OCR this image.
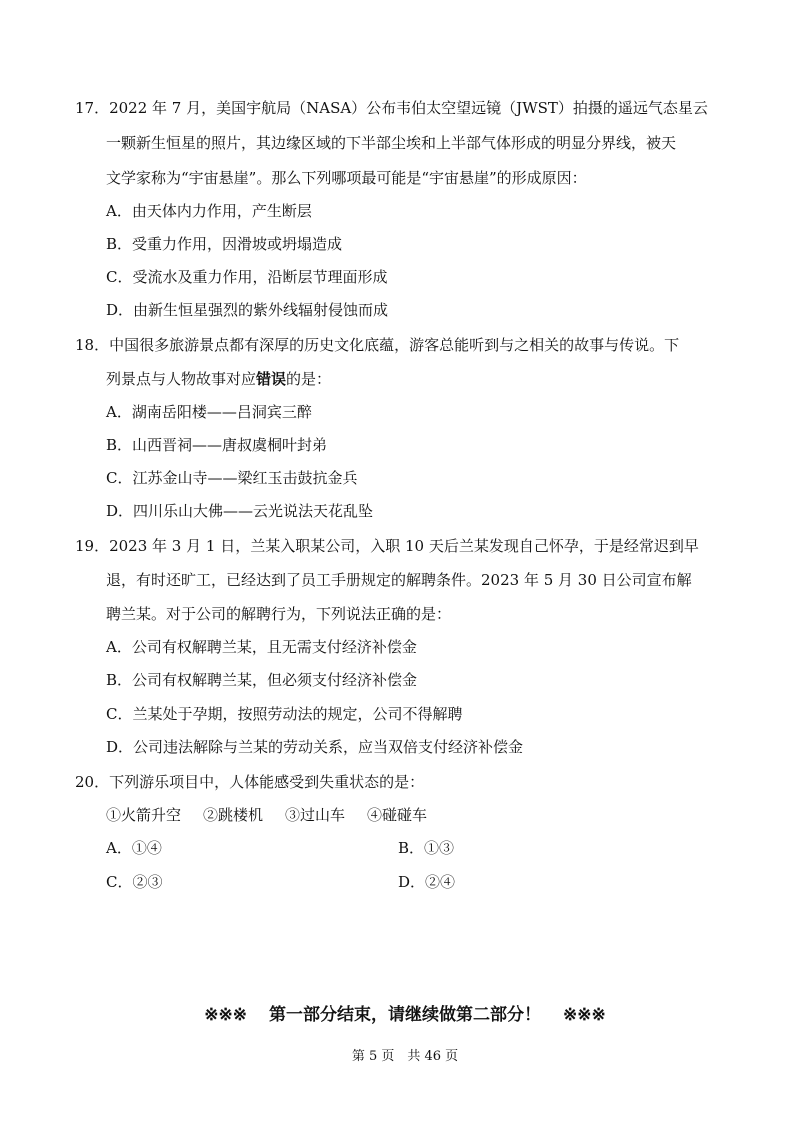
17．2022 年 7 月，美国宇航局（NASA）公布韦伯太空望远镜（JWST）拍摄的遥远气态星云
一颗新生恒星的照片，其边缘区域的下半部尘埃和上半部气体形成的明显分界线，被天
文学家称为“宇宙悬崖”。那么下列哪项最可能是“宇宙悬崖”的形成原因：
A．由天体内力作用，产生断层
B．受重力作用，因滑坡或坍塌造成
C．受流水及重力作用，沿断层节理面形成
D．由新生恒星强烈的紫外线辐射侵蚀而成
18．中国很多旅游景点都有深厚的历史文化底蕴，游客总能听到与之相关的故事与传说。下
列景点与人物故事对应错误的是：
A．湖南岳阳楼——吕洞宾三醉
B．山西晋祠——唐叔虞桐叶封弟
C．江苏金山寺——梁红玉击鼓抗金兵
D．四川乐山大佛——云光说法天花乱坠
19．2023 年 3 月 1 日，兰某入职某公司，入职 10 天后兰某发现自己怀孕，于是经常迟到早
退，有时还旷工，已经达到了员工手册规定的解聘条件。2023 年 5 月 30 日公司宣布解
聘兰某。对于公司的解聘行为，下列说法正确的是：
A．公司有权解聘兰某，且无需支付经济补偿金
B．公司有权解聘兰某，但必须支付经济补偿金
C．兰某处于孕期，按照劳动法的规定，公司不得解聘
D．公司违法解除与兰某的劳动关系，应当双倍支付经济补偿金
20．下列游乐项目中，人体能感受到失重状态的是：
①火箭升空 ②跳楼机 ③过山车 ④碰碰车
A．①④	B．①③
C．②③	D．②④
※※※ 第一部分结束，请继续做第二部分！ ※※※
第 5 页　共 46 页
